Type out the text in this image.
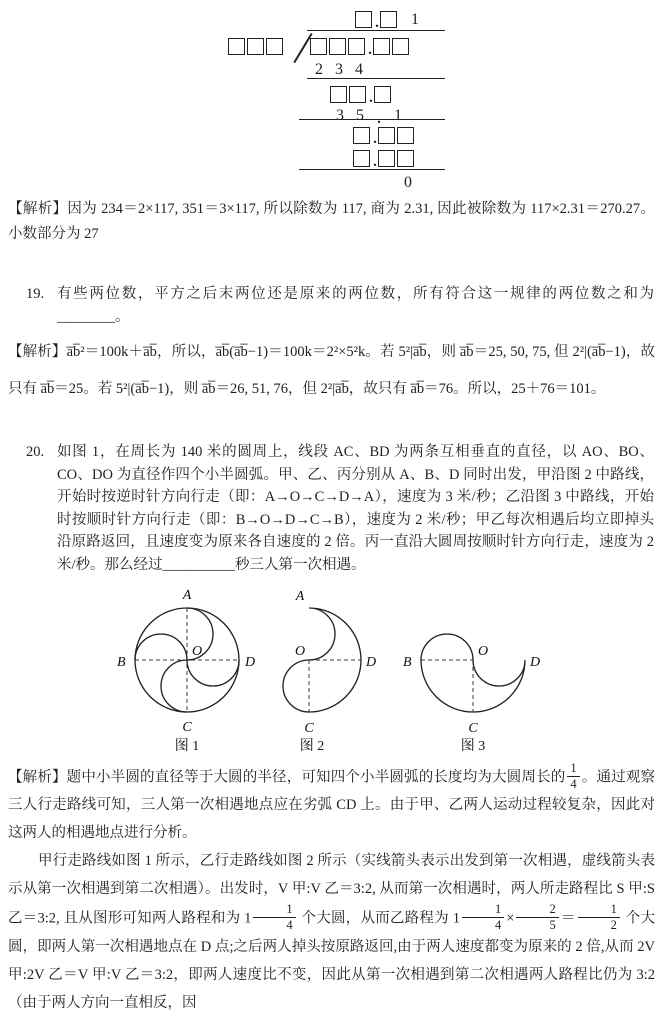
. 1
.
2 3 4
.
3 5 . 1
.
.
0

【解析】因为 234＝2×117, 351＝3×117, 所以除数为 117, 商为 2.31, 因此被除数为 117×2.31＝270.27。小数部分为 27

19. 有些两位数，平方之后末两位还是原来的两位数，所有符合这一规律的两位数之和为________。

【解析】a̅b̅²＝100k＋a̅b̅，所以，a̅b̅(a̅b̅−1)＝100k＝2²×5²k。若 5²|a̅b̅，则 a̅b̅＝25, 50, 75, 但 2²|(a̅b̅−1)，故只有 a̅b̅＝25。若 5²|(a̅b̅−1)，则 a̅b̅＝26, 51, 76，但 2²|a̅b̅，故只有 a̅b̅＝76。所以，25＋76＝101。

20. 如图 1，在周长为 140 米的圆周上，线段 AC、BD 为两条互相垂直的直径，以 AO、BO、CO、DO 为直径作四个小半圆弧。甲、乙、丙分别从 A、B、D 同时出发，甲沿图 2 中路线，开始时按逆时针方向行走（即：A→O→C→D→A），速度为 3 米/秒；乙沿图 3 中路线，开始时按顺时针方向行走（即：B→O→D→C→B），速度为 2 米/秒；甲乙每次相遇后均立即掉头沿原路返回，且速度变为原来各自速度的 2 倍。丙一直沿大圆周按顺时针方向行走，速度为 2 米/秒。那么经过__________秒三人第一次相遇。
A
B
C
D
O
图 1
A
O
D
C
图 2
B
O
D
C
图 3

【解析】题中小半圆的直径等于大圆的半径，可知四个小半圆弧的长度均为大圆周长的 $\frac{1}{4}$ 。通过观察三人行走路线可知，三人第一次相遇地点应在劣弧 CD 上。由于甲、乙两人运动过程较复杂，因此对这两人的相遇地点进行分析。

甲行走路线如图 1 所示，乙行走路线如图 2 所示（实线箭头表示出发到第一次相遇，虚线箭头表示从第一次相遇到第二次相遇）。出发时，V 甲:V 乙＝3:2, 从而第一次相遇时，两人所走路程比 S 甲:S 乙＝3:2, 且从图形可知两人路程和为 $1 \frac{1}{4}$ 个大圆，从而乙路程为 $1 \frac{1}{4} \times \frac{2}{5} = \frac{1}{2}$ 个大圆，即两人第一次相遇地点在 D 点;之后两人掉头按原路返回,由于两人速度都变为原来的 2 倍,从而 2V 甲:2V 乙＝V 甲:V 乙＝3:2，即两人速度比不变，因此从第一次相遇到第二次相遇两人路程比仍为 3:2（由于两人方向一直相反，因
